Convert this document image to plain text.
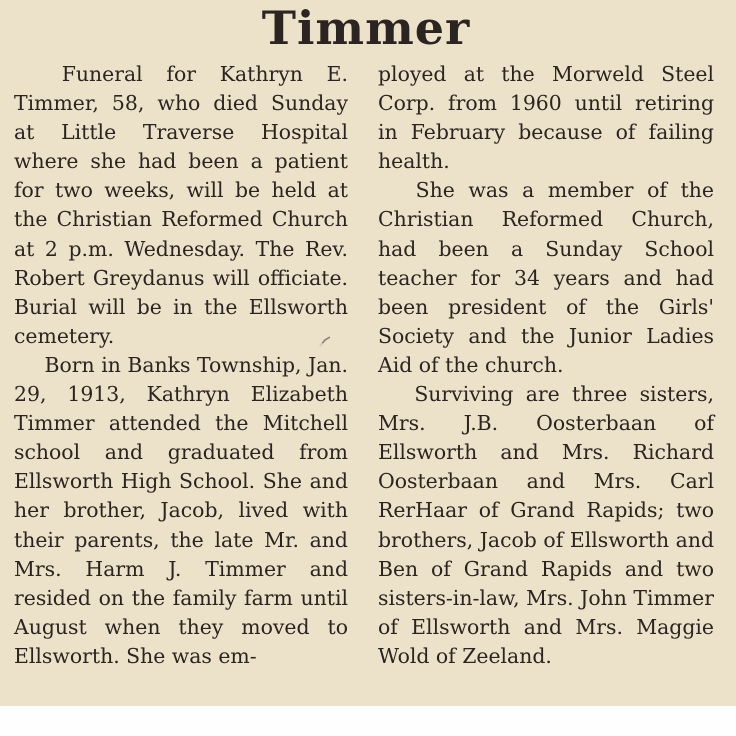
Timmer

Funeral for Kathryn E. Timmer, 58, who died Sunday at Little Traverse Hospital where she had been a patient for two weeks, will be held at the Christian Reformed Church at 2 p.m. Wednesday. The Rev. Robert Greydanus will officiate. Burial will be in the Ellsworth cemetery.

Born in Banks Township, Jan. 29, 1913, Kathryn Elizabeth Timmer attended the Mitchell school and graduated from Ellsworth High School. She and her brother, Jacob, lived with their parents, the late Mr. and Mrs. Harm J. Timmer and resided on the family farm until August when they moved to Ellsworth. She was em-

ployed at the Morweld Steel Corp. from 1960 until retiring in February because of failing health.

She was a member of the Christian Reformed Church, had been a Sunday School teacher for 34 years and had been president of the Girls' Society and the Junior Ladies Aid of the church.

Surviving are three sisters, Mrs. J.B. Oosterbaan of Ellsworth and Mrs. Richard Oosterbaan and Mrs. Carl RerHaar of Grand Rapids; two brothers, Jacob of Ellsworth and Ben of Grand Rapids and two sisters-in-law, Mrs. John Timmer of Ellsworth and Mrs. Maggie Wold of Zeeland.
